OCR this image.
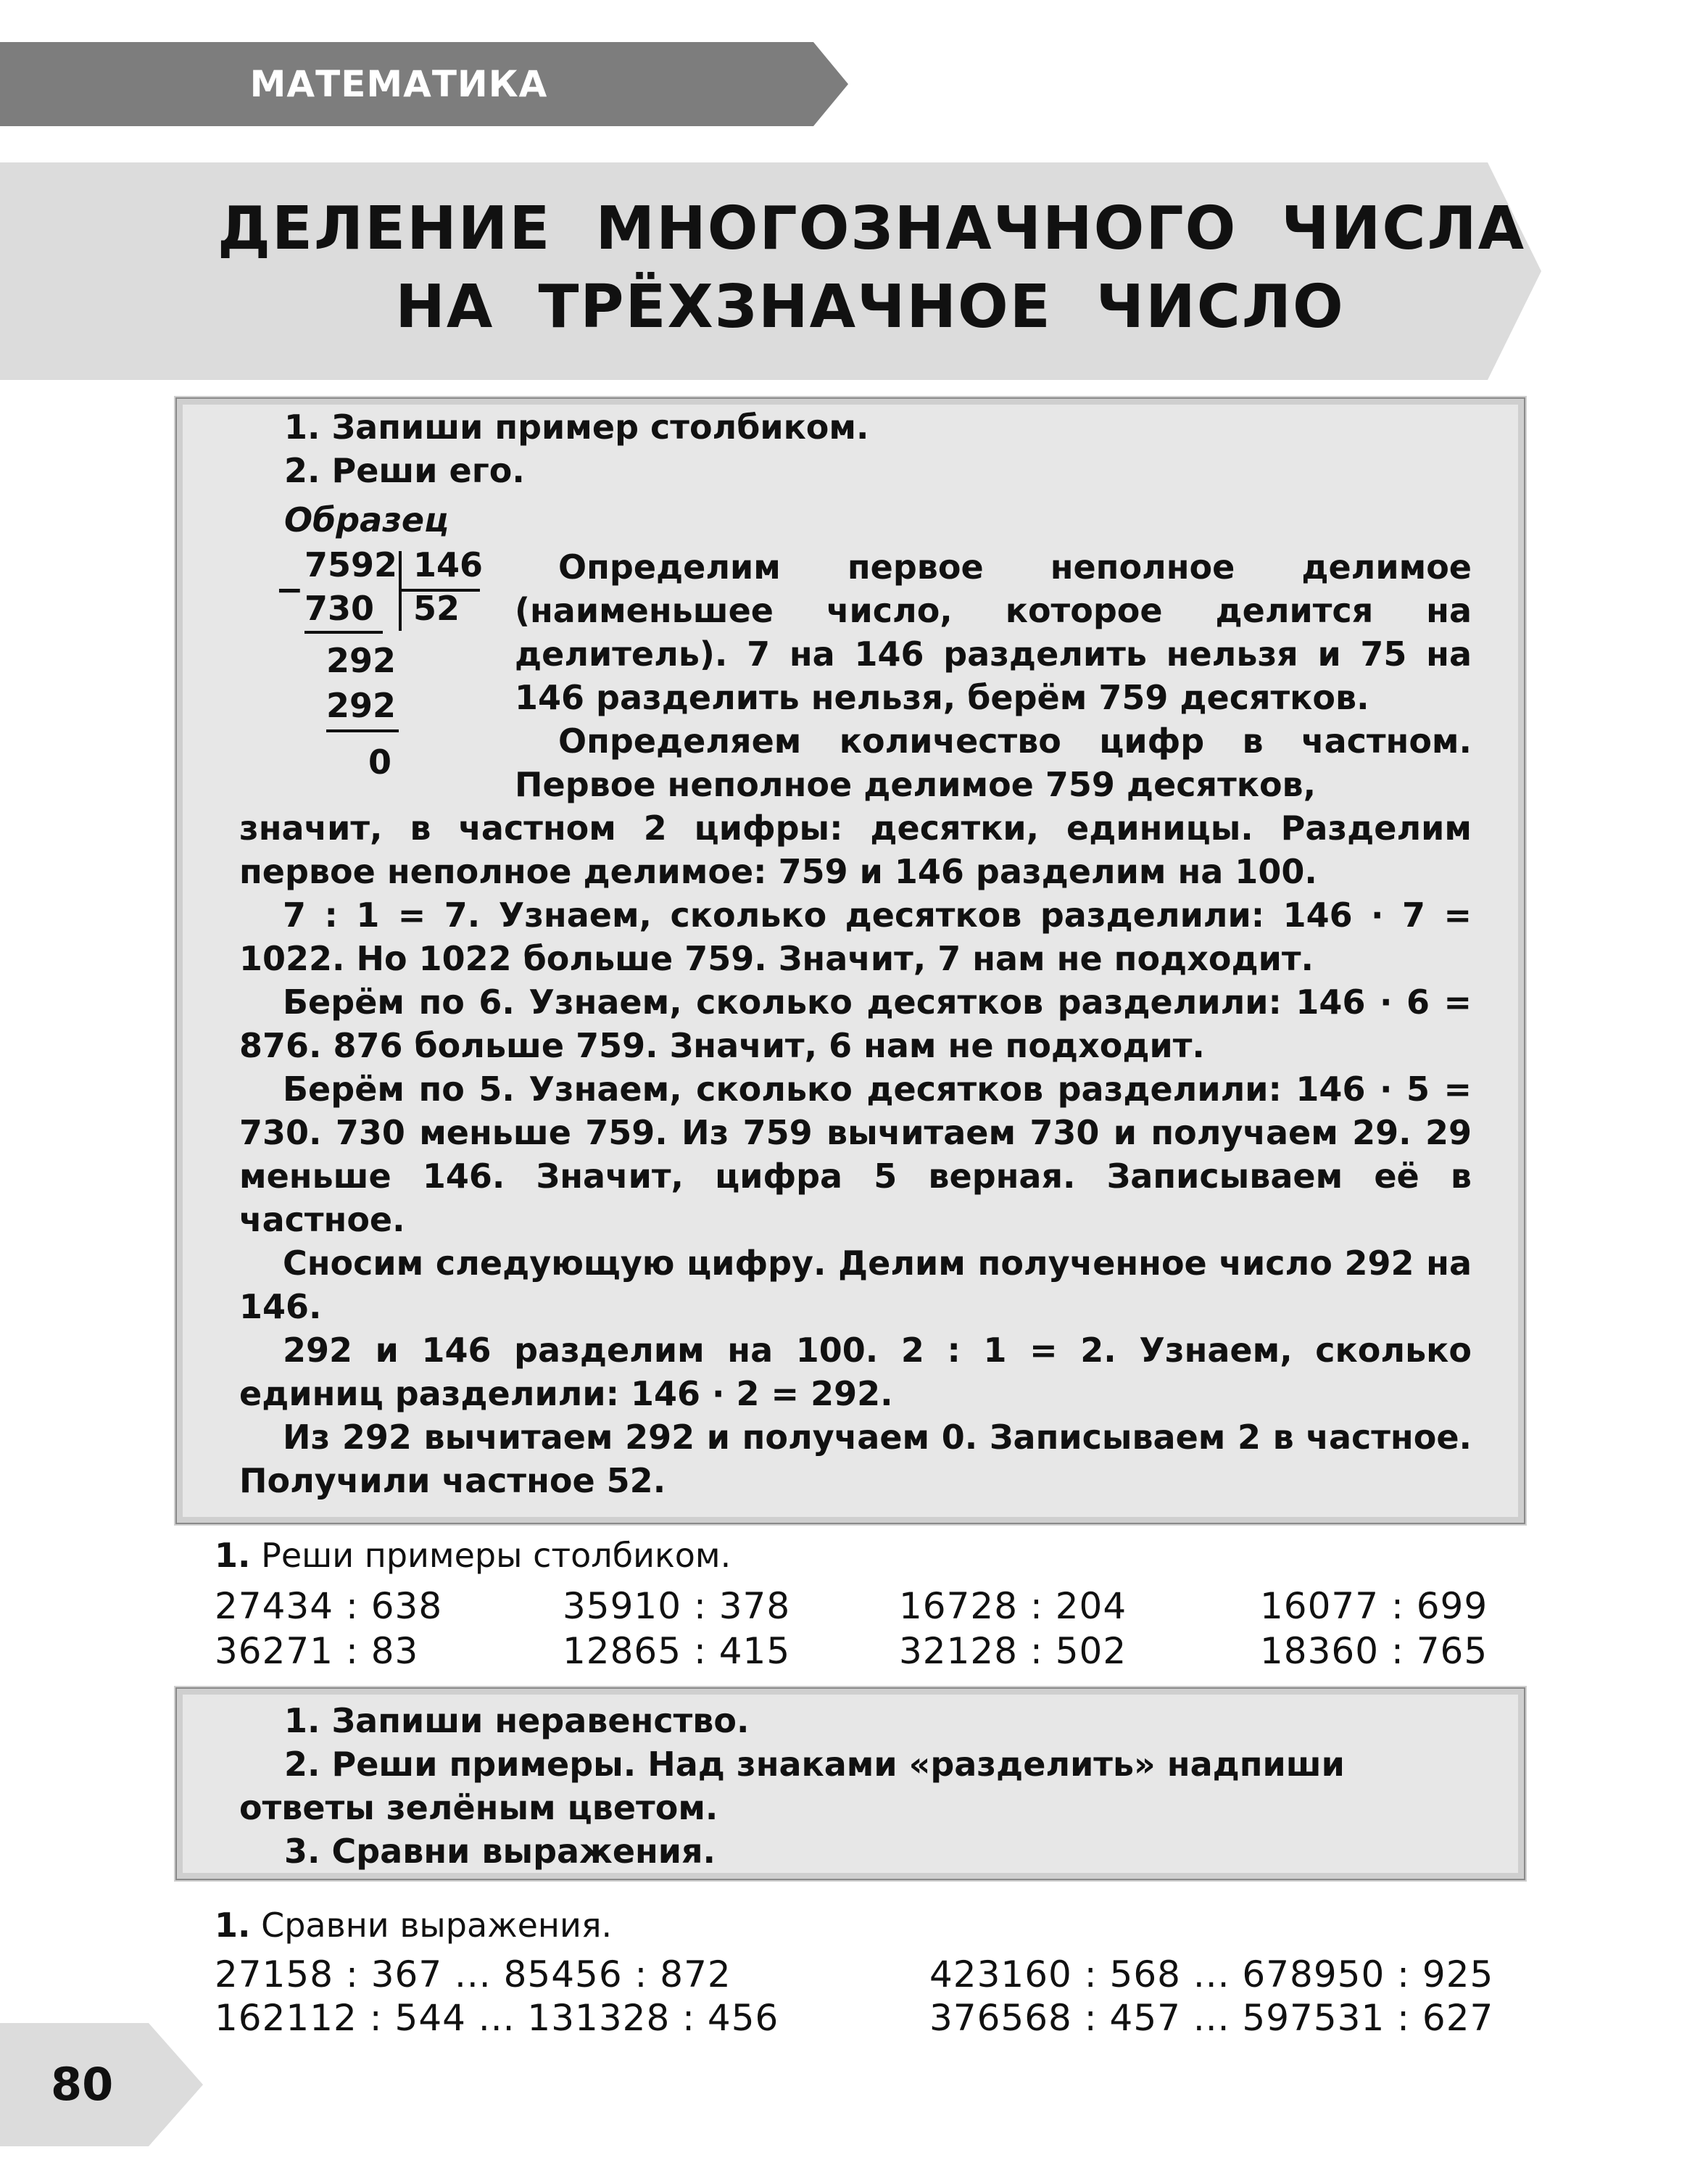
МАТЕМАТИКА
ДЕЛЕНИЕ  МНОГОЗНАЧНОГО  ЧИСЛА
НА  ТРЁХЗНАЧНОЕ  ЧИСЛО
1. Запиши пример столбиком.
2. Реши его.
Образец
7592 146
− 730 52
292
292
0

Определим первое неполное делимое (наименьшее число, которое делится на делитель). 7 на 146 разделить нельзя и 75 на 146 разделить нельзя, берём 759 десятков.

Определяем количество цифр в частном. Первое неполное делимое 759 десятков,

значит, в частном 2 цифры: десятки, единицы. Разделим первое неполное делимое: 759 и 146 разделим на 100.

7 : 1 = 7. Узнаем, сколько десятков разделили: 146 · 7 = 1022. Но 1022 больше 759. Значит, 7 нам не подходит.

Берём по 6. Узнаем, сколько десятков разделили: 146 · 6 = 876. 876 больше 759. Значит, 6 нам не подходит.

Берём по 5. Узнаем, сколько десятков разделили: 146 · 5 = 730. 730 меньше 759. Из 759 вычитаем 730 и получаем 29. 29 меньше 146. Значит, цифра 5 верная. Записываем её в частное.

Сносим следующую цифру. Делим полученное число 292 на 146.

292 и 146 разделим на 100. 2 : 1 = 2. Узнаем, сколько единиц разделили: 146 · 2 = 292.

Из 292 вычитаем 292 и получаем 0. Записываем 2 в частное. Получили частное 52.

1. Реши примеры столбиком.
27434 : 638	35910 : 378	16728 : 204	16077 : 699
36271 : 83	12865 : 415	32128 : 502	18360 : 765
1. Запиши неравенство.
2. Реши примеры. Над знаками «разделить» надпиши
ответы зелёным цветом.
3. Сравни выражения.
1. Сравни выражения.
27158 : 367 ... 85456 : 872	423160 : 568 ... 678950 : 925
162112 : 544 ... 131328 : 456	376568 : 457 ... 597531 : 627
80
